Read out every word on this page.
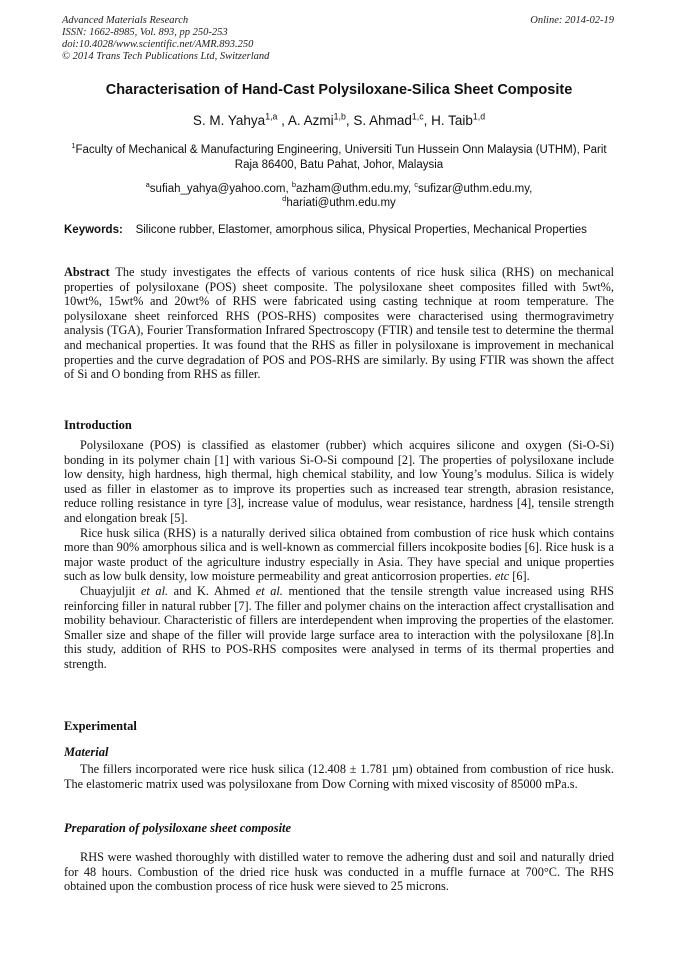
Advanced Materials Research
ISSN: 1662-8985, Vol. 893, pp 250-253
doi:10.4028/www.scientific.net/AMR.893.250
© 2014 Trans Tech Publications Ltd, Switzerland
Online: 2014-02-19
Characterisation of Hand-Cast Polysiloxane-Silica Sheet Composite
S. M. Yahya$^{1,a}$ , A. Azmi$^{1,b}$, S. Ahmad$^{1,c}$, H. Taib$^{1,d}$
$^1$Faculty of Mechanical & Manufacturing Engineering, Universiti Tun Hussein Onn Malaysia (UTHM), Parit Raja 86400, Batu Pahat, Johor, Malaysia
$^a$sufiah_yahya@yahoo.com, $^b$azham@uthm.edu.my, $^c$sufizar@uthm.edu.my,
$^d$hariati@uthm.edu.my
Keywords: Silicone rubber, Elastomer, amorphous silica, Physical Properties, Mechanical Properties

Abstract The study investigates the effects of various contents of rice husk silica (RHS) on mechanical properties of polysiloxane (POS) sheet composite. The polysiloxane sheet composites filled with 5wt%, 10wt%, 15wt% and 20wt% of RHS were fabricated using casting technique at room temperature. The polysiloxane sheet reinforced RHS (POS-RHS) composites were characterised using thermogravimetry analysis (TGA), Fourier Transformation Infrared Spectroscopy (FTIR) and tensile test to determine the thermal and mechanical properties. It was found that the RHS as filler in polysiloxane is improvement in mechanical properties and the curve degradation of POS and POS-RHS are similarly. By using FTIR was shown the affect of Si and O bonding from RHS as filler.

Introduction

Polysiloxane (POS) is classified as elastomer (rubber) which acquires silicone and oxygen (Si-O-Si) bonding in its polymer chain [1] with various Si-O-Si compound [2]. The properties of polysiloxane include low density, high hardness, high thermal, high chemical stability, and low Young’s modulus. Silica is widely used as filler in elastomer as to improve its properties such as increased tear strength, abrasion resistance, reduce rolling resistance in tyre [3], increase value of modulus, wear resistance, hardness [4], tensile strength and elongation break [5].

Rice husk silica (RHS) is a naturally derived silica obtained from combustion of rice husk which contains more than 90% amorphous silica and is well-known as commercial fillers incokposite bodies [6]. Rice husk is a major waste product of the agriculture industry especially in Asia. They have special and unique properties such as low bulk density, low moisture permeability and great anticorrosion properties. etc [6].

Chuayjuljit et al. and K. Ahmed et al. mentioned that the tensile strength value increased using RHS reinforcing filler in natural rubber [7]. The filler and polymer chains on the interaction affect crystallisation and mobility behaviour. Characteristic of fillers are interdependent when improving the properties of the elastomer. Smaller size and shape of the filler will provide large surface area to interaction with the polysiloxane [8].In this study, addition of RHS to POS-RHS composites were analysed in terms of its thermal properties and strength.

Experimental
Material

The fillers incorporated were rice husk silica (12.408 ± 1.781 µm) obtained from combustion of rice husk. The elastomeric matrix used was polysiloxane from Dow Corning with mixed viscosity of 85000 mPa.s.

Preparation of polysiloxane sheet composite

RHS were washed thoroughly with distilled water to remove the adhering dust and soil and naturally dried for 48 hours. Combustion of the dried rice husk was conducted in a muffle furnace at 700°C. The RHS obtained upon the combustion process of rice husk were sieved to 25 microns.
